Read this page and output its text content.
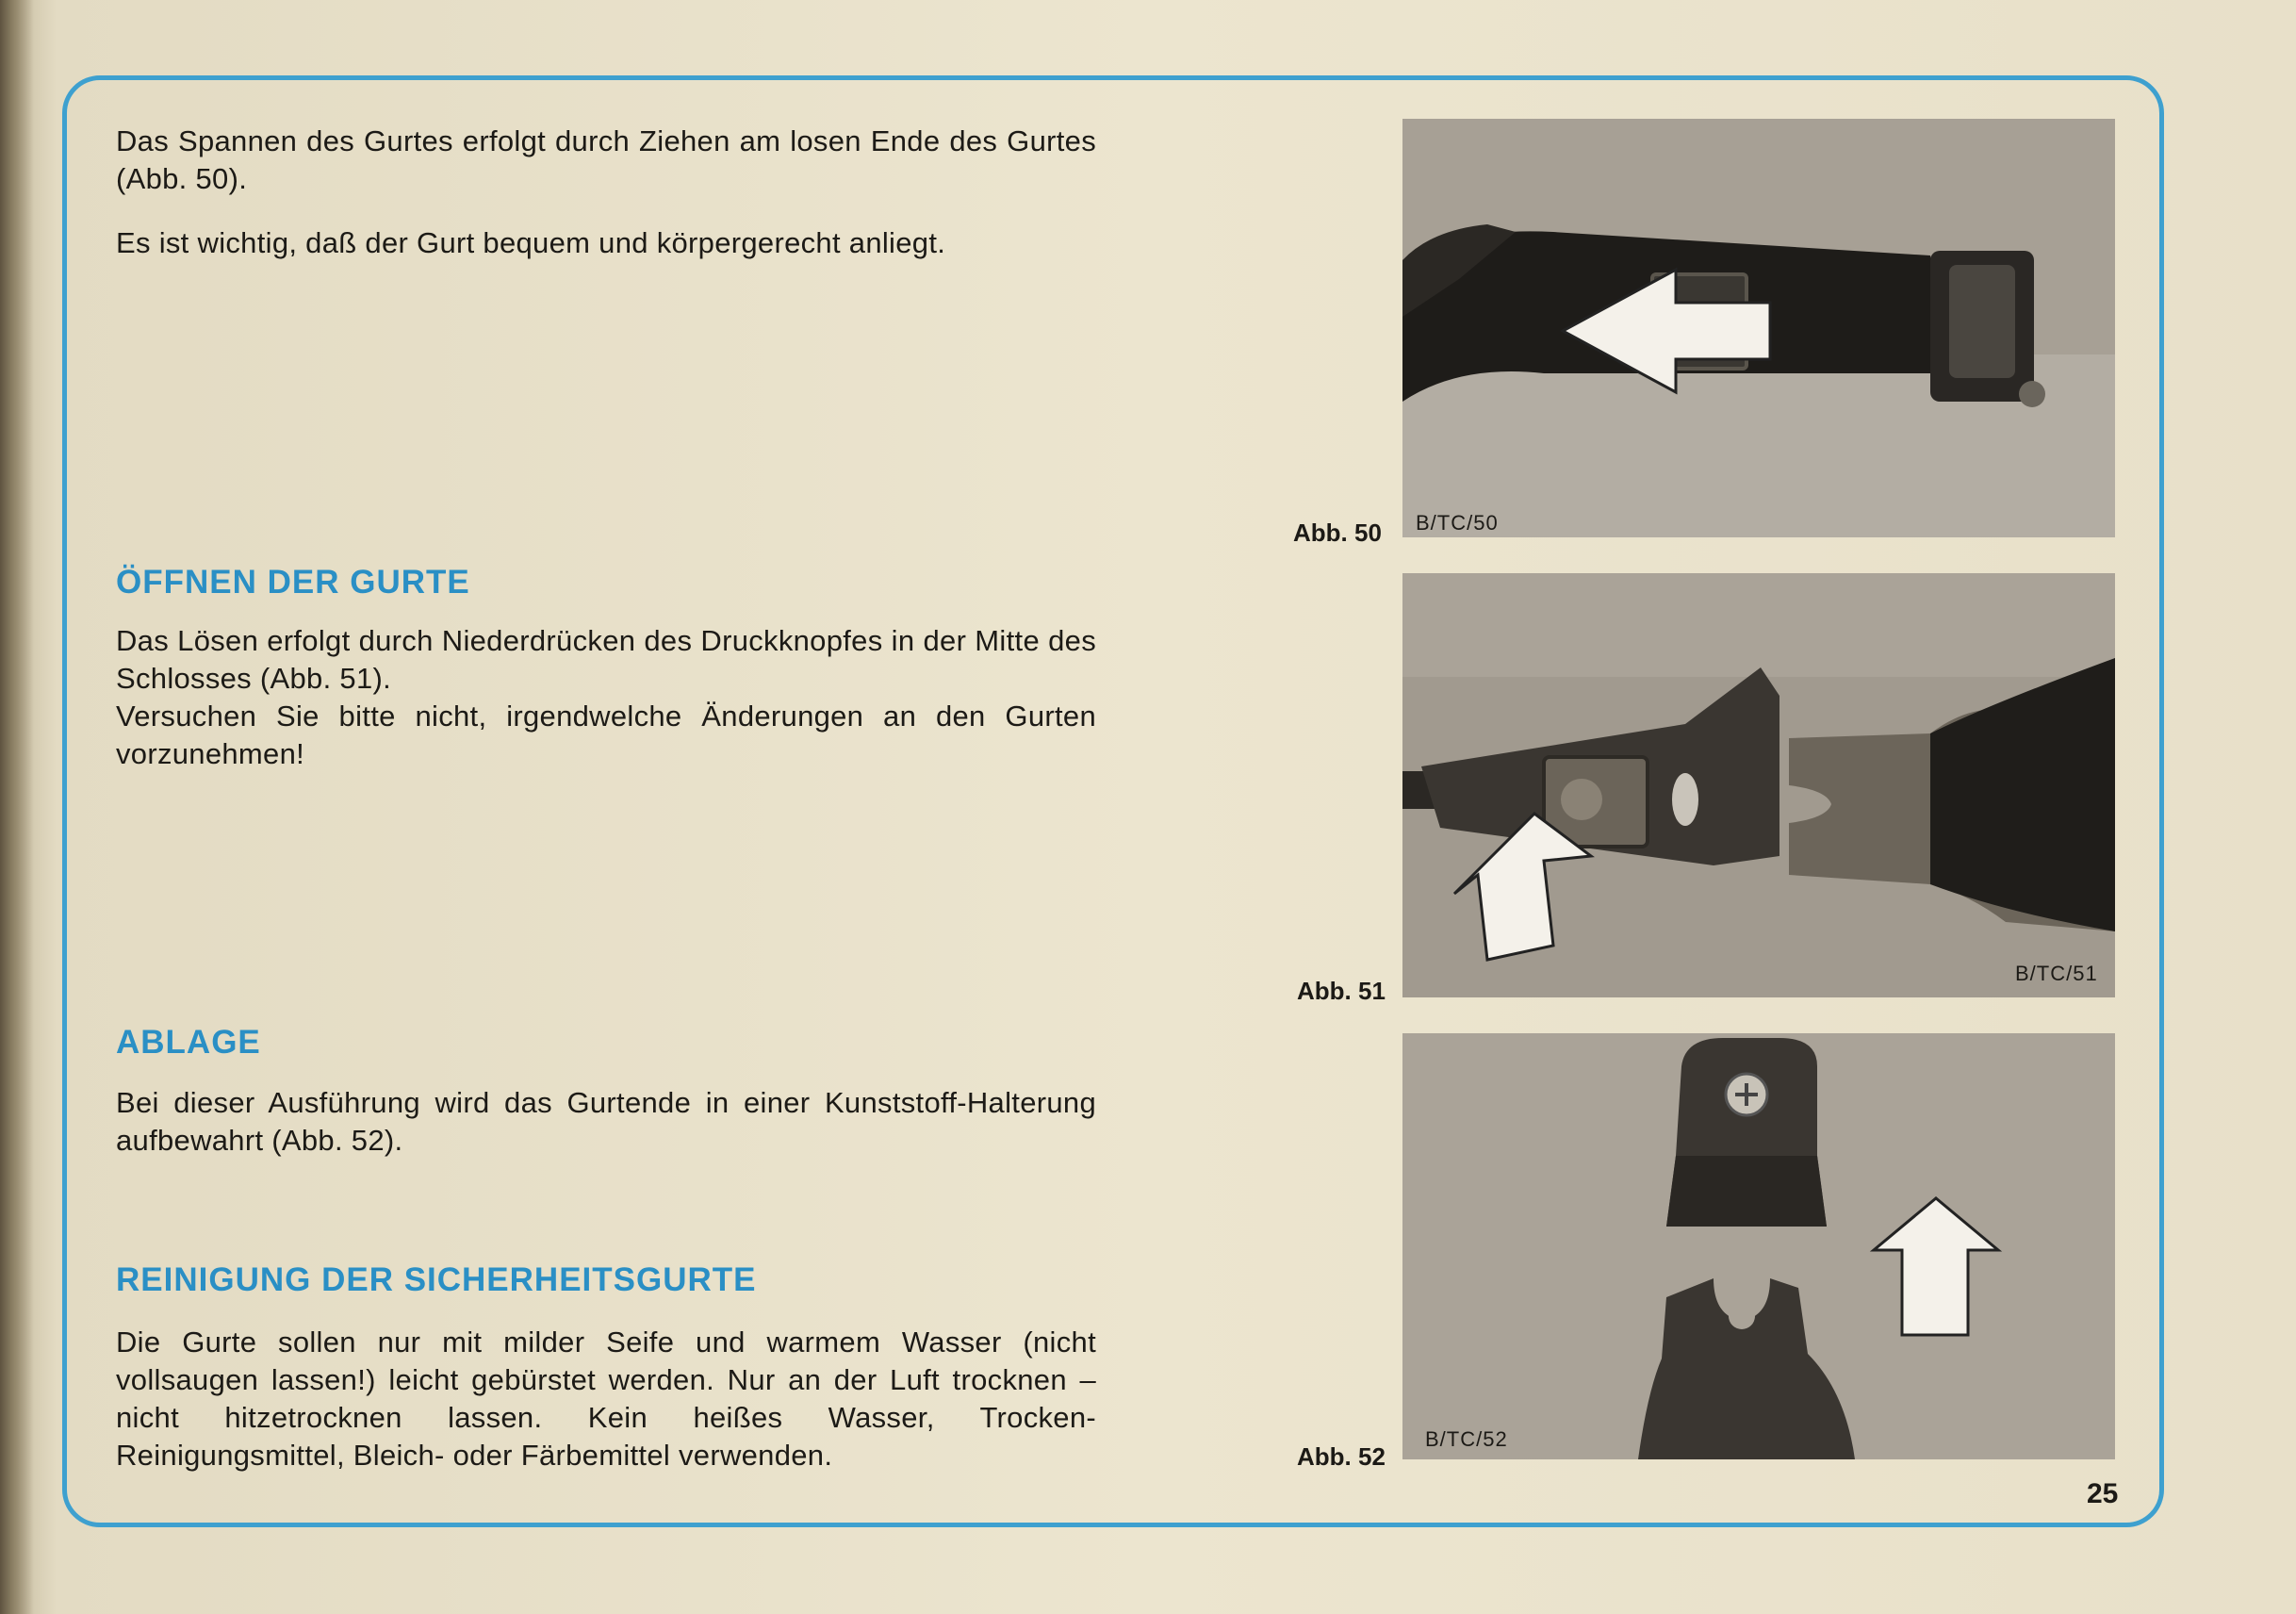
Das Spannen des Gurtes erfolgt durch Ziehen am losen Ende des Gurtes (Abb. 50).

Es ist wichtig, daß der Gurt bequem und körpergerecht anliegt.

ÖFFNEN DER GURTE

Das Lösen erfolgt durch Niederdrücken des Druckknopfes in der Mitte des Schlosses (Abb. 51).

Versuchen Sie bitte nicht, irgendwelche Änderungen an den Gurten vorzunehmen!

ABLAGE

Bei dieser Ausführung wird das Gurtende in einer Kunststoff-Halterung aufbewahrt (Abb. 52).

REINIGUNG DER SICHERHEITSGURTE

Die Gurte sollen nur mit milder Seife und warmem Wasser (nicht vollsaugen lassen!) leicht gebürstet werden. Nur an der Luft trocknen – nicht hitzetrocknen lassen. Kein heißes Wasser, Trocken-Reinigungsmittel, Bleich- oder Färbemittel verwenden.

Abb. 50 B/TC/50
Abb. 51
B/TC/51
Abb. 52
B/TC/52
25
